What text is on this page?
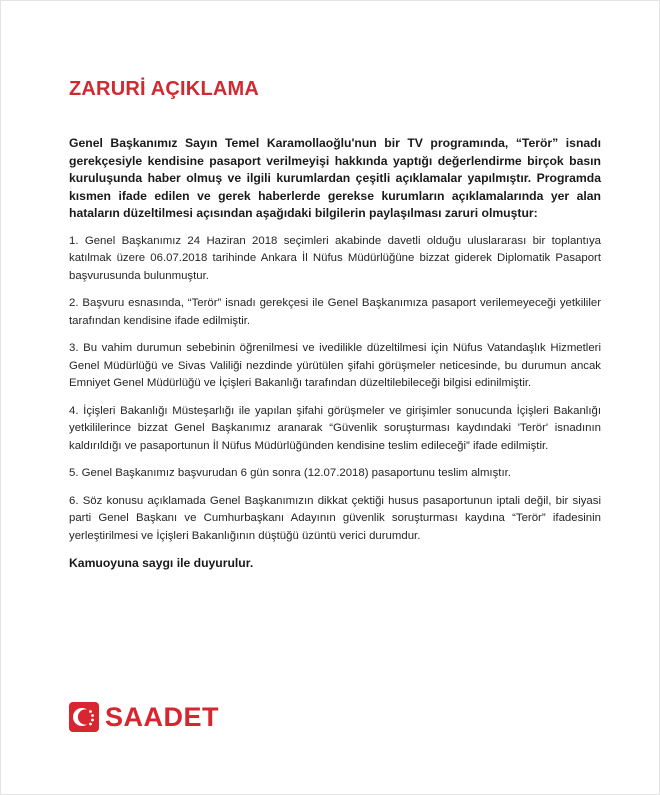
ZARURİ AÇIKLAMA

Genel Başkanımız Sayın Temel Karamollaoğlu'nun bir TV programında, “Terör” isnadı gerekçesiyle kendisine pasaport verilmeyişi hakkında yaptığı değerlendirme birçok basın kuruluşunda haber olmuş ve ilgili kurumlardan çeşitli açıklamalar yapılmıştır. Programda kısmen ifade edilen ve gerek haberlerde gerekse kurumların açıklamalarında yer alan hataların düzeltilmesi açısından aşağıdaki bilgilerin paylaşılması zaruri olmuştur:

1. Genel Başkanımız 24 Haziran 2018 seçimleri akabinde davetli olduğu uluslararası bir toplantıya katılmak üzere 06.07.2018 tarihinde Ankara İl Nüfus Müdürlüğüne bizzat giderek Diplomatik Pasaport başvurusunda bulunmuştur.

2. Başvuru esnasında, “Terör” isnadı gerekçesi ile Genel Başkanımıza pasaport verilemeyeceği yetkililer tarafından kendisine ifade edilmiştir.

3. Bu vahim durumun sebebinin öğrenilmesi ve ivedilikle düzeltilmesi için Nüfus Vatandaşlık Hizmetleri Genel Müdürlüğü ve Sivas Valiliği nezdinde yürütülen şifahi görüşmeler neticesinde, bu durumun ancak Emniyet Genel Müdürlüğü ve İçişleri Bakanlığı tarafından düzeltilebileceği bilgisi edinilmiştir.

4. İçişleri Bakanlığı Müsteşarlığı ile yapılan şifahi görüşmeler ve girişimler sonucunda İçişleri Bakanlığı yetkililerince bizzat Genel Başkanımız aranarak “Güvenlik soruşturması kaydındaki 'Terör' isnadının kaldırıldığı ve pasaportunun İl Nüfus Müdürlüğünden kendisine teslim edileceği” ifade edilmiştir.

5. Genel Başkanımız başvurudan 6 gün sonra (12.07.2018) pasaportunu teslim almıştır.

6. Söz konusu açıklamada Genel Başkanımızın dikkat çektiği husus pasaportunun iptali değil, bir siyasi parti Genel Başkanı ve Cumhurbaşkanı Adayının güvenlik soruşturması kaydına “Terör” ifadesinin yerleştirilmesi ve İçişleri Bakanlığının düştüğü üzüntü verici durumdur.

Kamuoyuna saygı ile duyurulur.

SAADET
